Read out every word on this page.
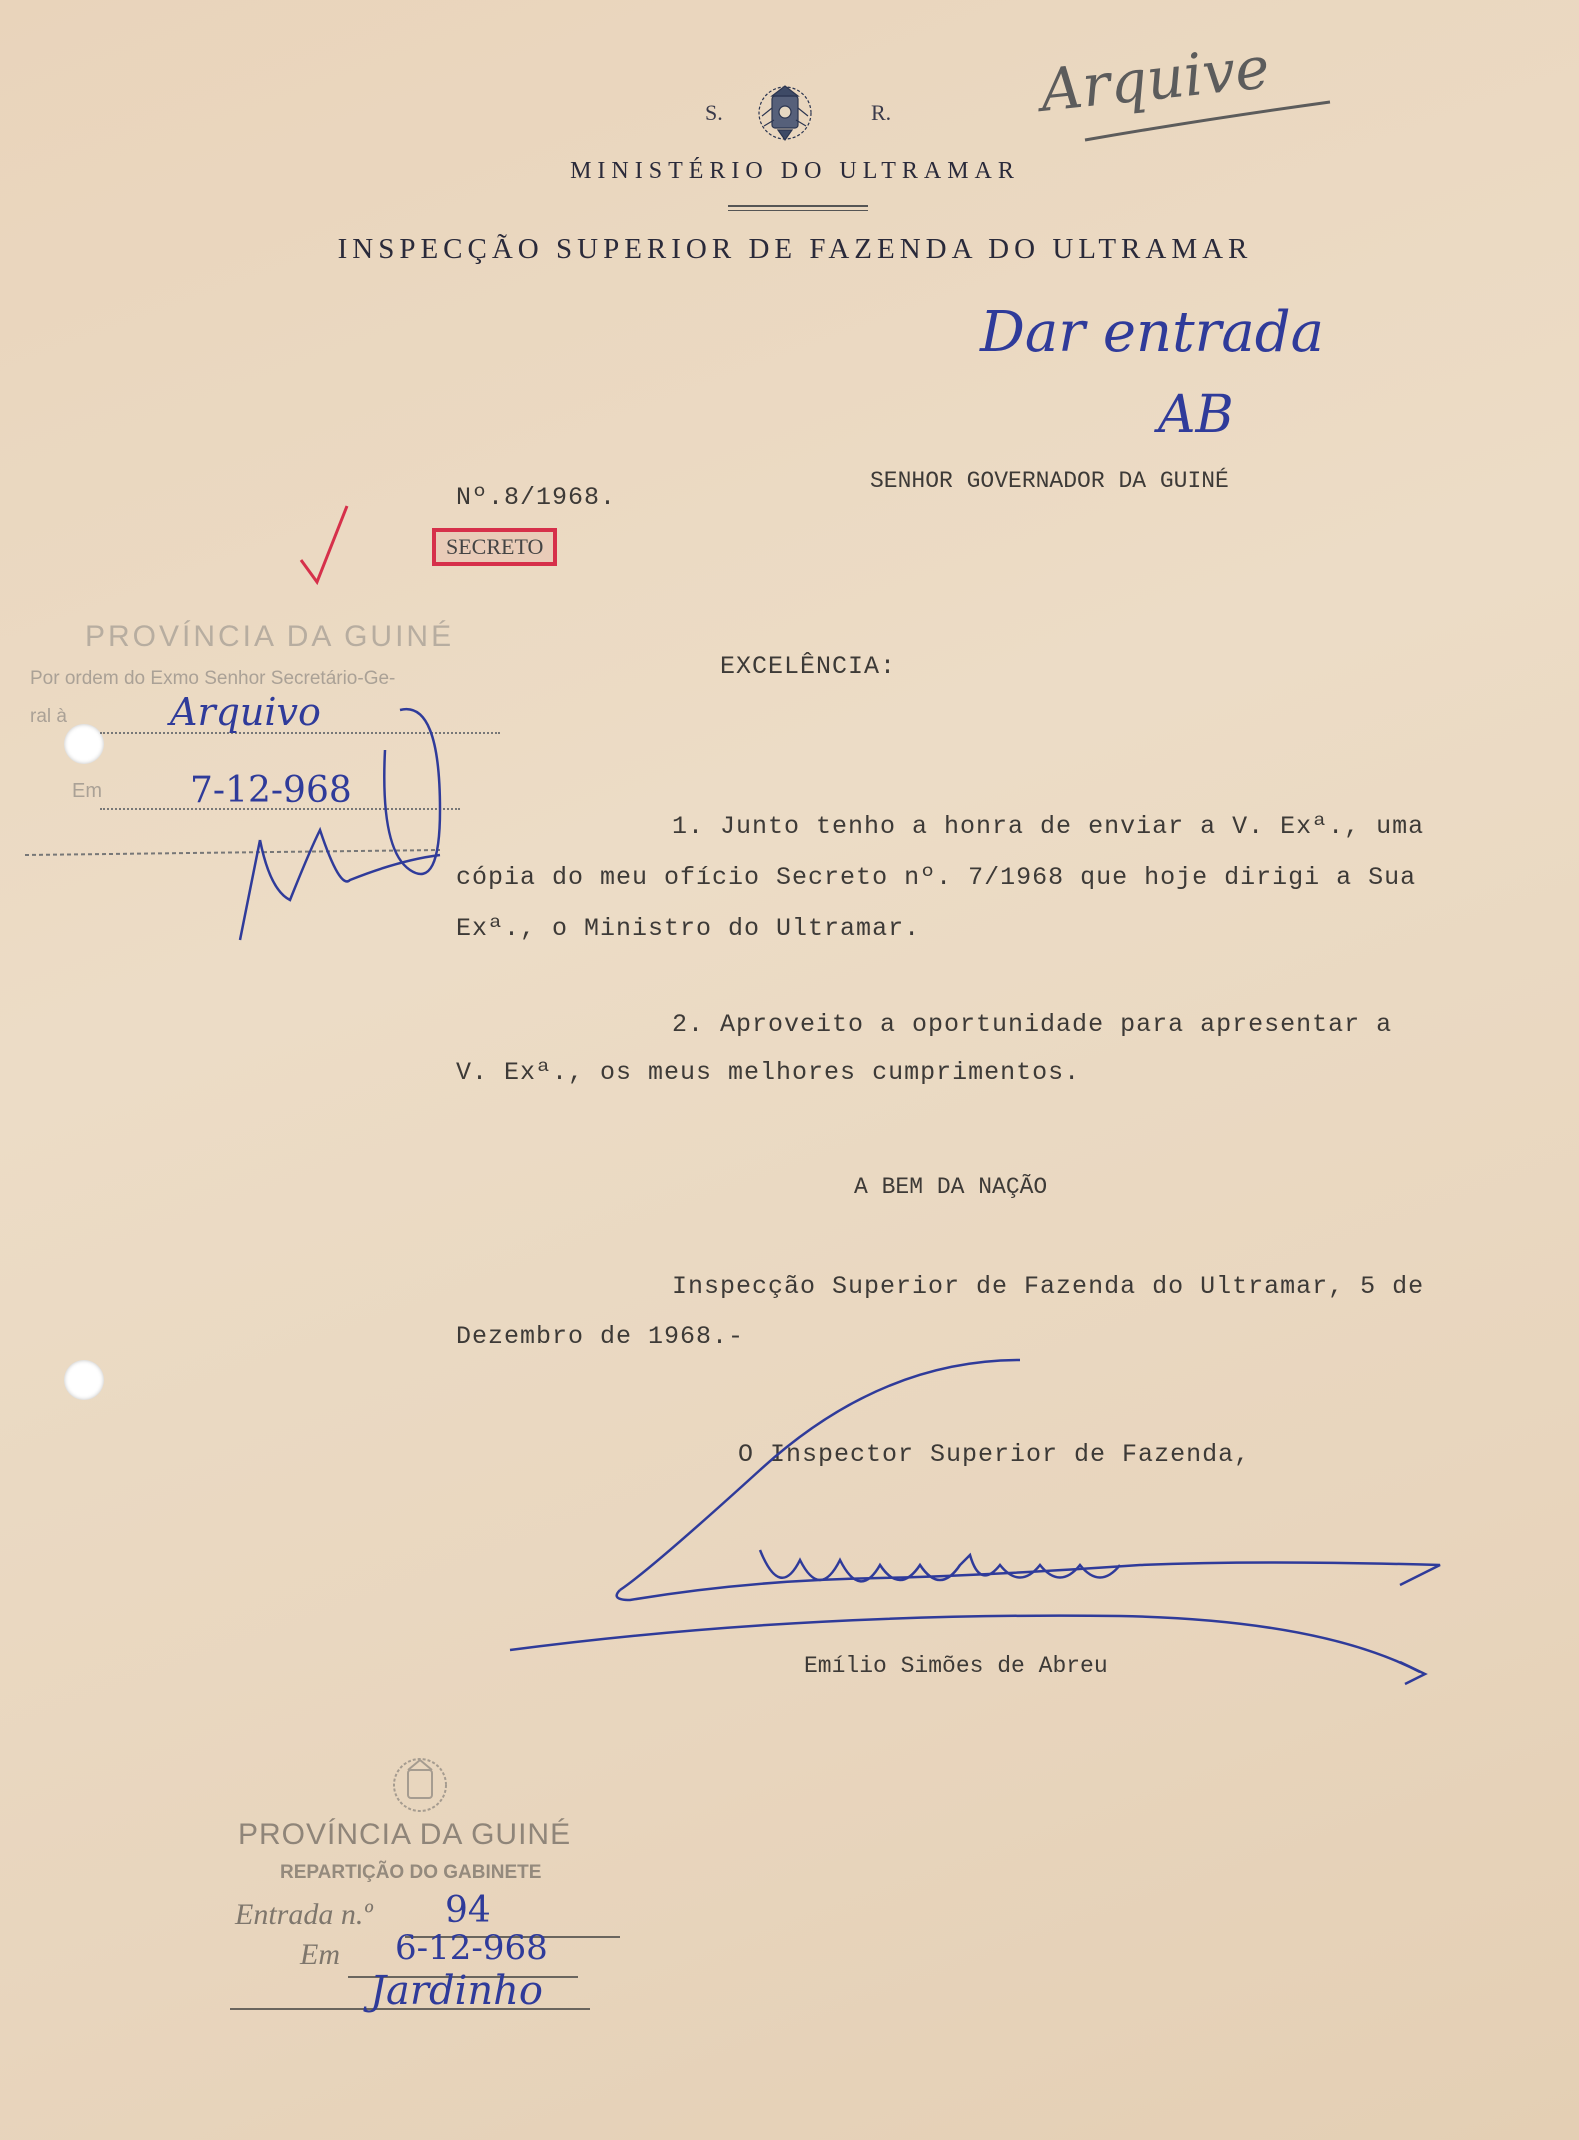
S.	R.
MINISTÉRIO DO ULTRAMAR
INSPECÇÃO SUPERIOR DE FAZENDA DO ULTRAMAR
Arquive
Dar entrada
AB
Nº.8/1968.
SECRETO
SENHOR GOVERNADOR DA GUINÉ
EXCELÊNCIA:
PROVÍNCIA DA GUINÉ
Por ordem do Exmo Senhor Secretário-Ge-
ral à	Arquivo
Em 7-12-968
1. Junto tenho a honra de enviar a V. Exª., uma
cópia do meu ofício Secreto nº. 7/1968 que hoje dirigi a Sua
Exª., o Ministro do Ultramar.
2. Aproveito a oportunidade para apresentar a
V. Exª., os meus melhores cumprimentos.
A BEM DA NAÇÃO
Inspecção Superior de Fazenda do Ultramar, 5 de
Dezembro de 1968.-
O Inspector Superior de Fazenda,
Emílio Simões de Abreu
PROVÍNCIA DA GUINÉ
REPARTIÇÃO DO GABINETE
Entrada n.º 94
Em 6-12-968
Jardinho
